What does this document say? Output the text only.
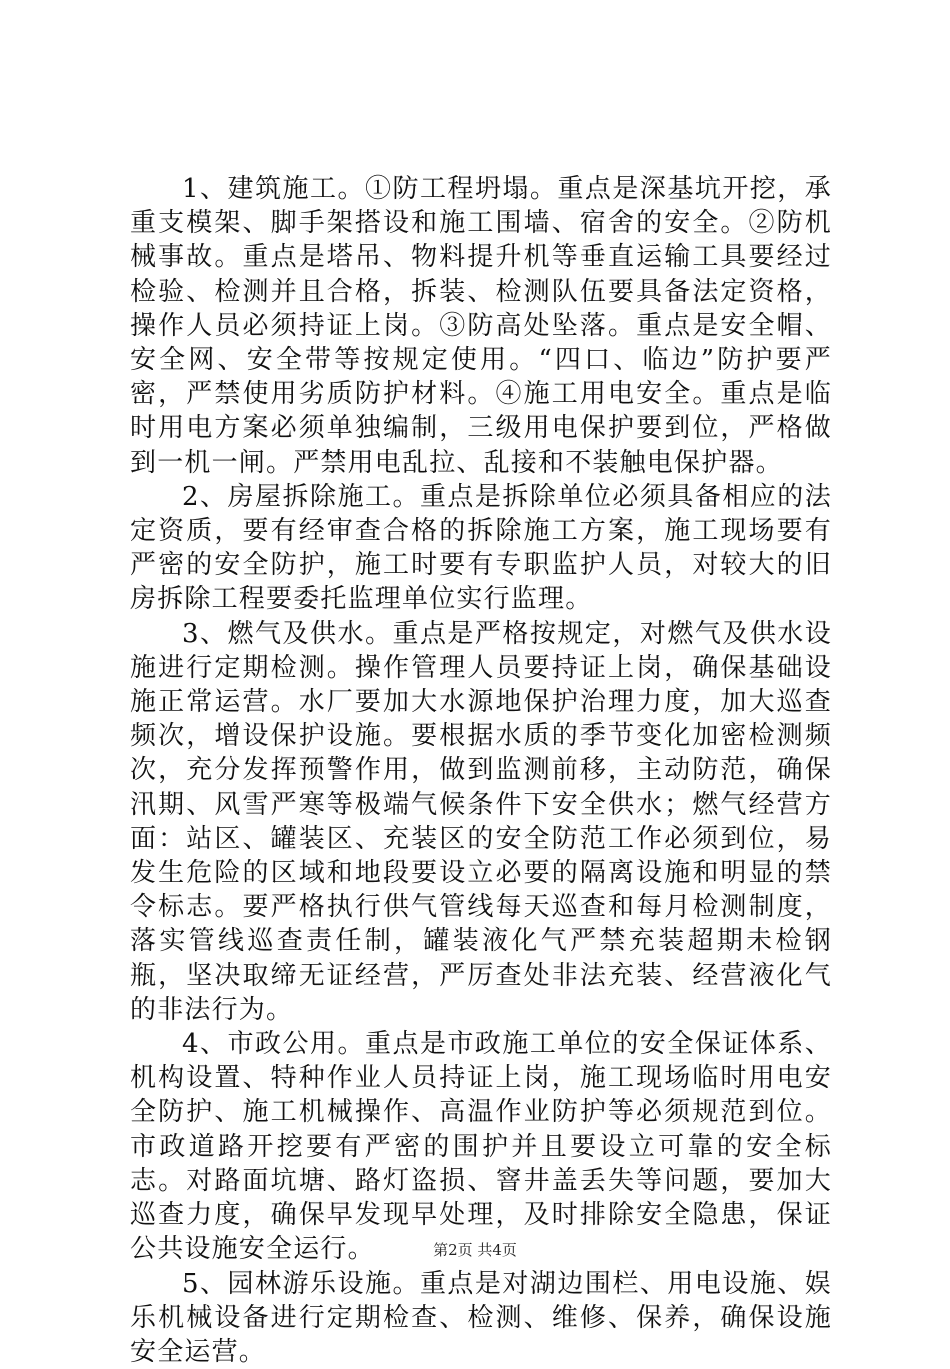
1、建筑施工。①防工程坍塌。重点是深基坑开挖，承重支模架、脚手架搭设和施工围墙、宿舍的安全。②防机械事故。重点是塔吊、物料提升机等垂直运输工具要经过检验、检测并且合格，拆装、检测队伍要具备法定资格，操作人员必须持证上岗。③防高处坠落。重点是安全帽、安全网、安全带等按规定使用。“四口、临边”防护要严密，严禁使用劣质防护材料。④施工用电安全。重点是临时用电方案必须单独编制，三级用电保护要到位，严格做到一机一闸。严禁用电乱拉、乱接和不装触电保护器。

2、房屋拆除施工。重点是拆除单位必须具备相应的法定资质，要有经审查合格的拆除施工方案，施工现场要有严密的安全防护，施工时要有专职监护人员，对较大的旧房拆除工程要委托监理单位实行监理。

3、燃气及供水。重点是严格按规定，对燃气及供水设施进行定期检测。操作管理人员要持证上岗，确保基础设施正常运营。水厂要加大水源地保护治理力度，加大巡查频次，增设保护设施。要根据水质的季节变化加密检测频次，充分发挥预警作用，做到监测前移，主动防范，确保汛期、风雪严寒等极端气候条件下安全供水；燃气经营方面：站区、罐装区、充装区的安全防范工作必须到位，易发生危险的区域和地段要设立必要的隔离设施和明显的禁令标志。要严格执行供气管线每天巡查和每月检测制度，落实管线巡查责任制，罐装液化气严禁充装超期未检钢瓶，坚决取缔无证经营，严厉查处非法充装、经营液化气的非法行为。

4、市政公用。重点是市政施工单位的安全保证体系、机构设置、特种作业人员持证上岗，施工现场临时用电安全防护、施工机械操作、高温作业防护等必须规范到位。市政道路开挖要有严密的围护并且要设立可靠的安全标志。对路面坑塘、路灯盗损、窨井盖丢失等问题，要加大巡查力度，确保早发现早处理，及时排除安全隐患，保证公共设施安全运行。

5、园林游乐设施。重点是对湖边围栏、用电设施、娱乐机械设备进行定期检查、检测、维修、保养，确保设施安全运营。

第2页 共4页
